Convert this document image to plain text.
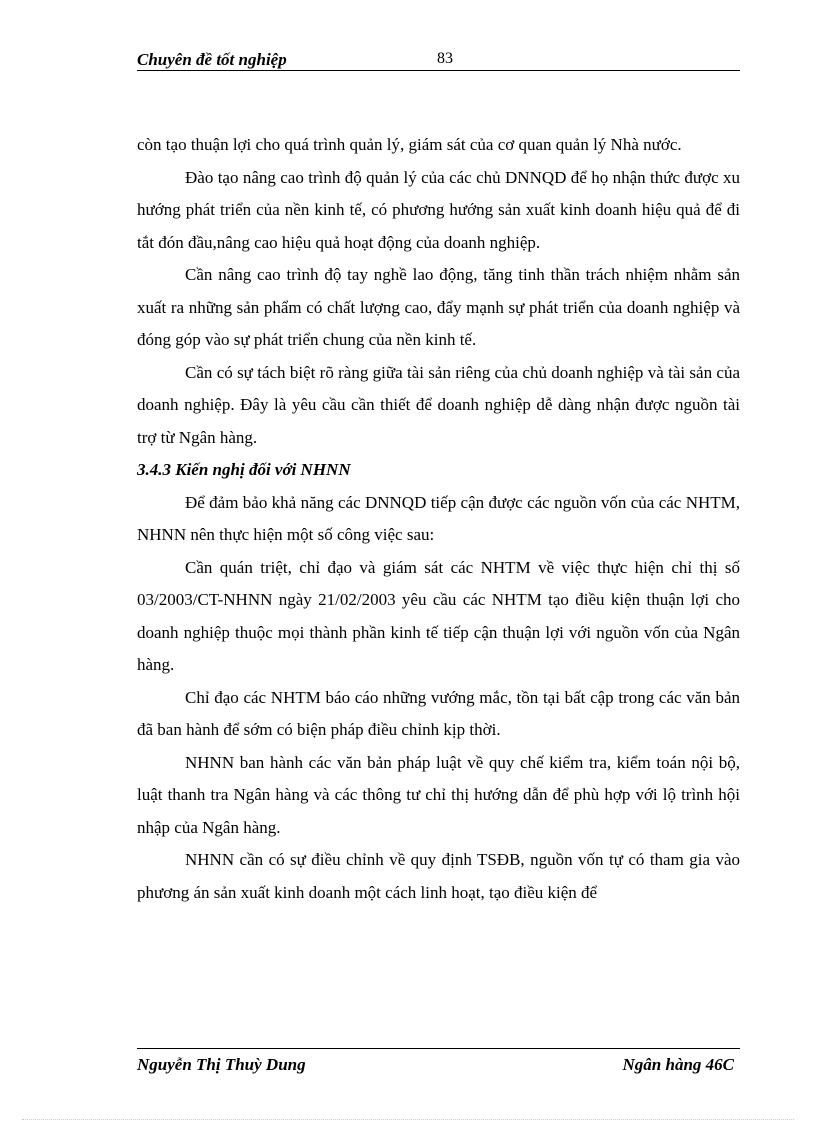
Chuyên đề tốt nghiệp	83

còn tạo thuận lợi cho quá trình quản lý, giám sát của cơ quan quản lý Nhà nước.

Đào tạo nâng cao trình độ quản lý của các chủ DNNQD để họ nhận thức được xu hướng phát triển của nền kinh tế, có phương hướng sản xuất kinh doanh hiệu quả để đi tắt đón đầu,nâng cao hiệu quả hoạt động của doanh nghiệp.

Cần nâng cao trình độ tay nghề lao động, tăng tinh thần trách nhiệm nhằm sản xuất ra những sản phẩm có chất lượng cao, đẩy mạnh sự phát triển của doanh nghiệp và đóng góp vào sự phát triển chung của nền kinh tế.

Cần có sự tách biệt rõ ràng giữa tài sản riêng của chủ doanh nghiệp và tài sản của doanh nghiệp. Đây là yêu cầu cần thiết để doanh nghiệp dễ dàng nhận được nguồn tài trợ từ Ngân hàng.

3.4.3 Kiến nghị đối với NHNN

Để đảm bảo khả năng các DNNQD tiếp cận được các nguồn vốn của các NHTM, NHNN nên thực hiện một số công việc sau:

Cần quán triệt, chỉ đạo và giám sát các NHTM về việc thực hiện chỉ thị số 03/2003/CT-NHNN ngày 21/02/2003 yêu cầu các NHTM tạo điều kiện thuận lợi cho doanh nghiệp thuộc mọi thành phần kinh tế tiếp cận thuận lợi với nguồn vốn của Ngân hàng.

Chỉ đạo các NHTM báo cáo những vướng mắc, tồn tại bất cập trong các văn bản đã ban hành để sớm có biện pháp điều chỉnh kịp thời.

NHNN ban hành các văn bản pháp luật về quy chế kiểm tra, kiểm toán nội bộ, luật thanh tra Ngân hàng và các thông tư chỉ thị hướng dẫn để phù hợp với lộ trình hội nhập của Ngân hàng.

NHNN cần có sự điều chỉnh về quy định TSĐB, nguồn vốn tự có tham gia vào phương án sản xuất kinh doanh một cách linh hoạt, tạo điều kiện để

Nguyễn Thị Thuỳ Dung	Ngân hàng 46C
